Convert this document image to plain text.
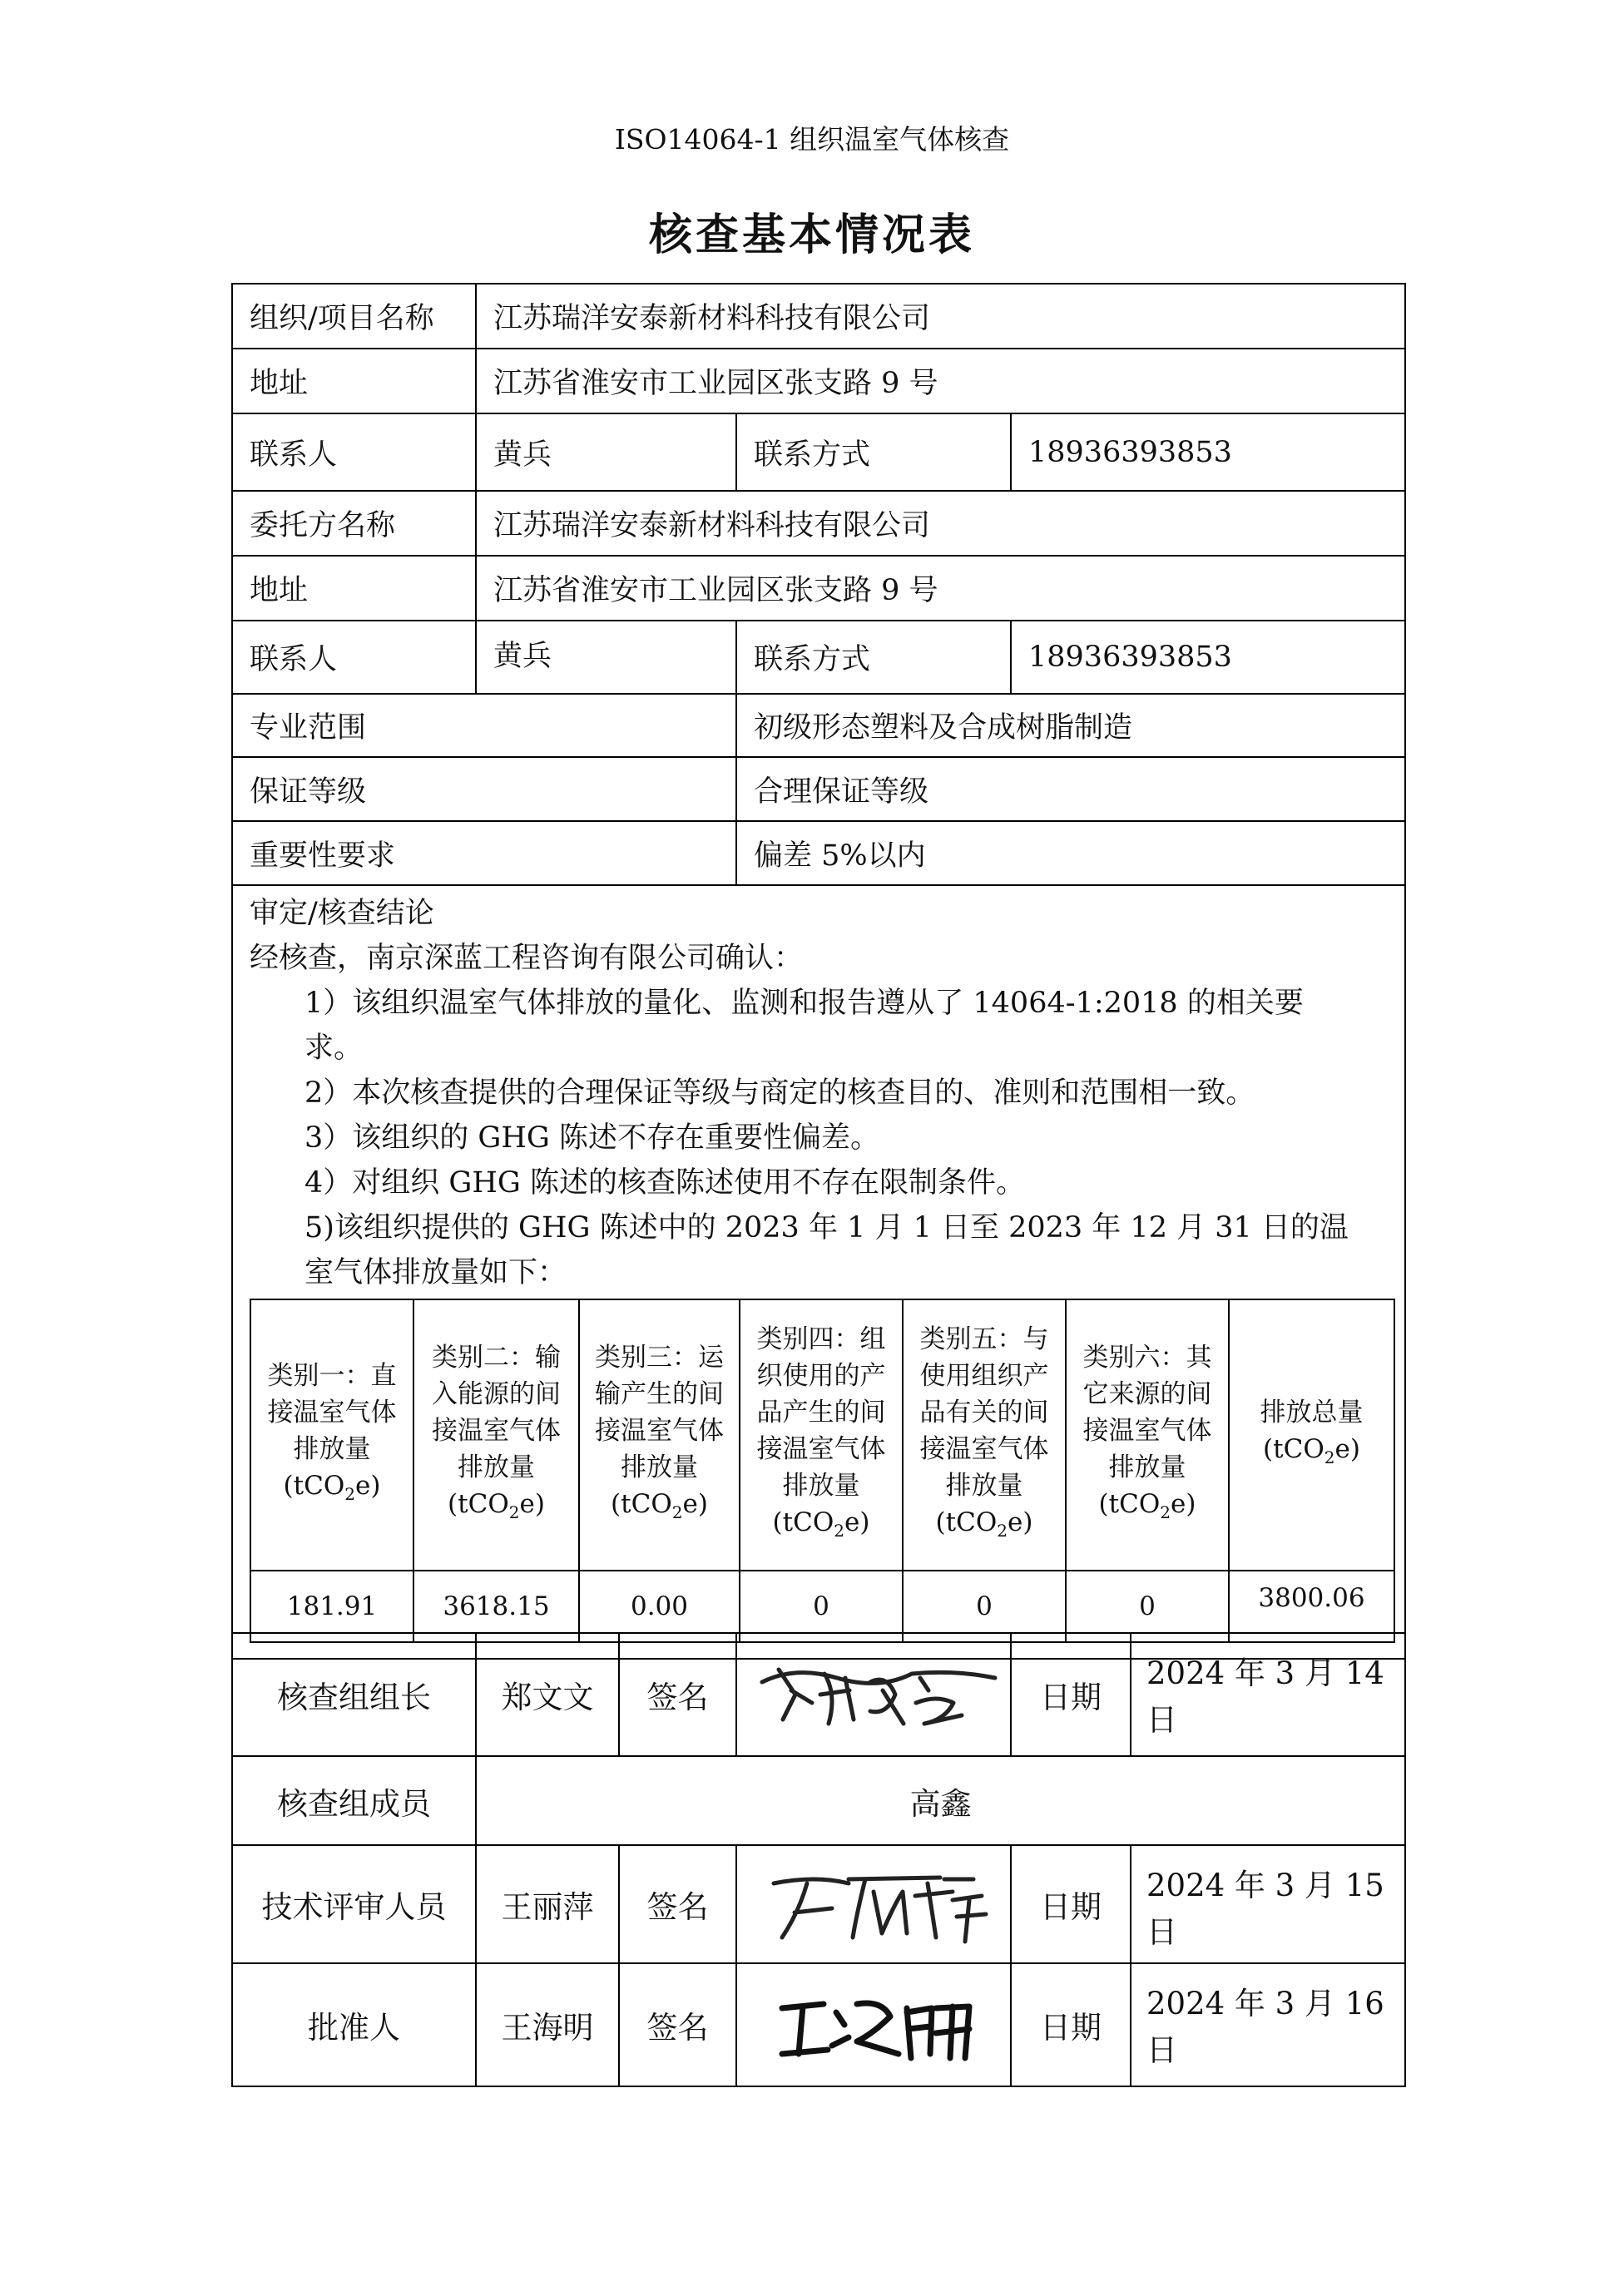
ISO14064-1 组织温室气体核查
核查基本情况表
组织/项目名称	江苏瑞洋安泰新材料科技有限公司
地址	江苏省淮安市工业园区张支路 9 号
联系人	黄兵	联系方式	18936393853
委托方名称	江苏瑞洋安泰新材料科技有限公司
地址	江苏省淮安市工业园区张支路 9 号
联系人	黄兵	联系方式	18936393853
专业范围	初级形态塑料及合成树脂制造
保证等级	合理保证等级
重要性要求	偏差 5%以内

审定/核查结论
经核查，南京深蓝工程咨询有限公司确认：
1）该组织温室气体排放的量化、监测和报告遵从了 14064-1:2018 的相关要
求。
2）本次核查提供的合理保证等级与商定的核查目的、准则和范围相一致。
3）该组织的 GHG 陈述不存在重要性偏差。
4）对组织 GHG 陈述的核查陈述使用不存在限制条件。
5)该组织提供的 GHG 陈述中的 2023 年 1 月 1 日至 2023 年 12 月 31 日的温
室气体排放量如下：
类别一：直接温室气体排放量(tCO$_2$e)	类别二：输入能源的间接温室气体排放量(tCO$_2$e)	类别三：运输产生的间接温室气体排放量(tCO$_2$e)	类别四：组织使用的产品产生的间接温室气体排放量(tCO$_2$e)	类别五：与使用组织产品有关的间接温室气体排放量(tCO$_2$e)	类别六：其它来源的间接温室气体排放量(tCO$_2$e)	排放总量(tCO$_2$e)
181.91	3618.15	0.00	0	0	0	3800.06
核查组组长	郑文文	签名		日期	2024 年 3 月 14 日
核查组成员	高鑫				
技术评审人员	王丽萍	签名		日期	2024 年 3 月 15 日
批准人	王海明	签名		日期	2024 年 3 月 16 日
